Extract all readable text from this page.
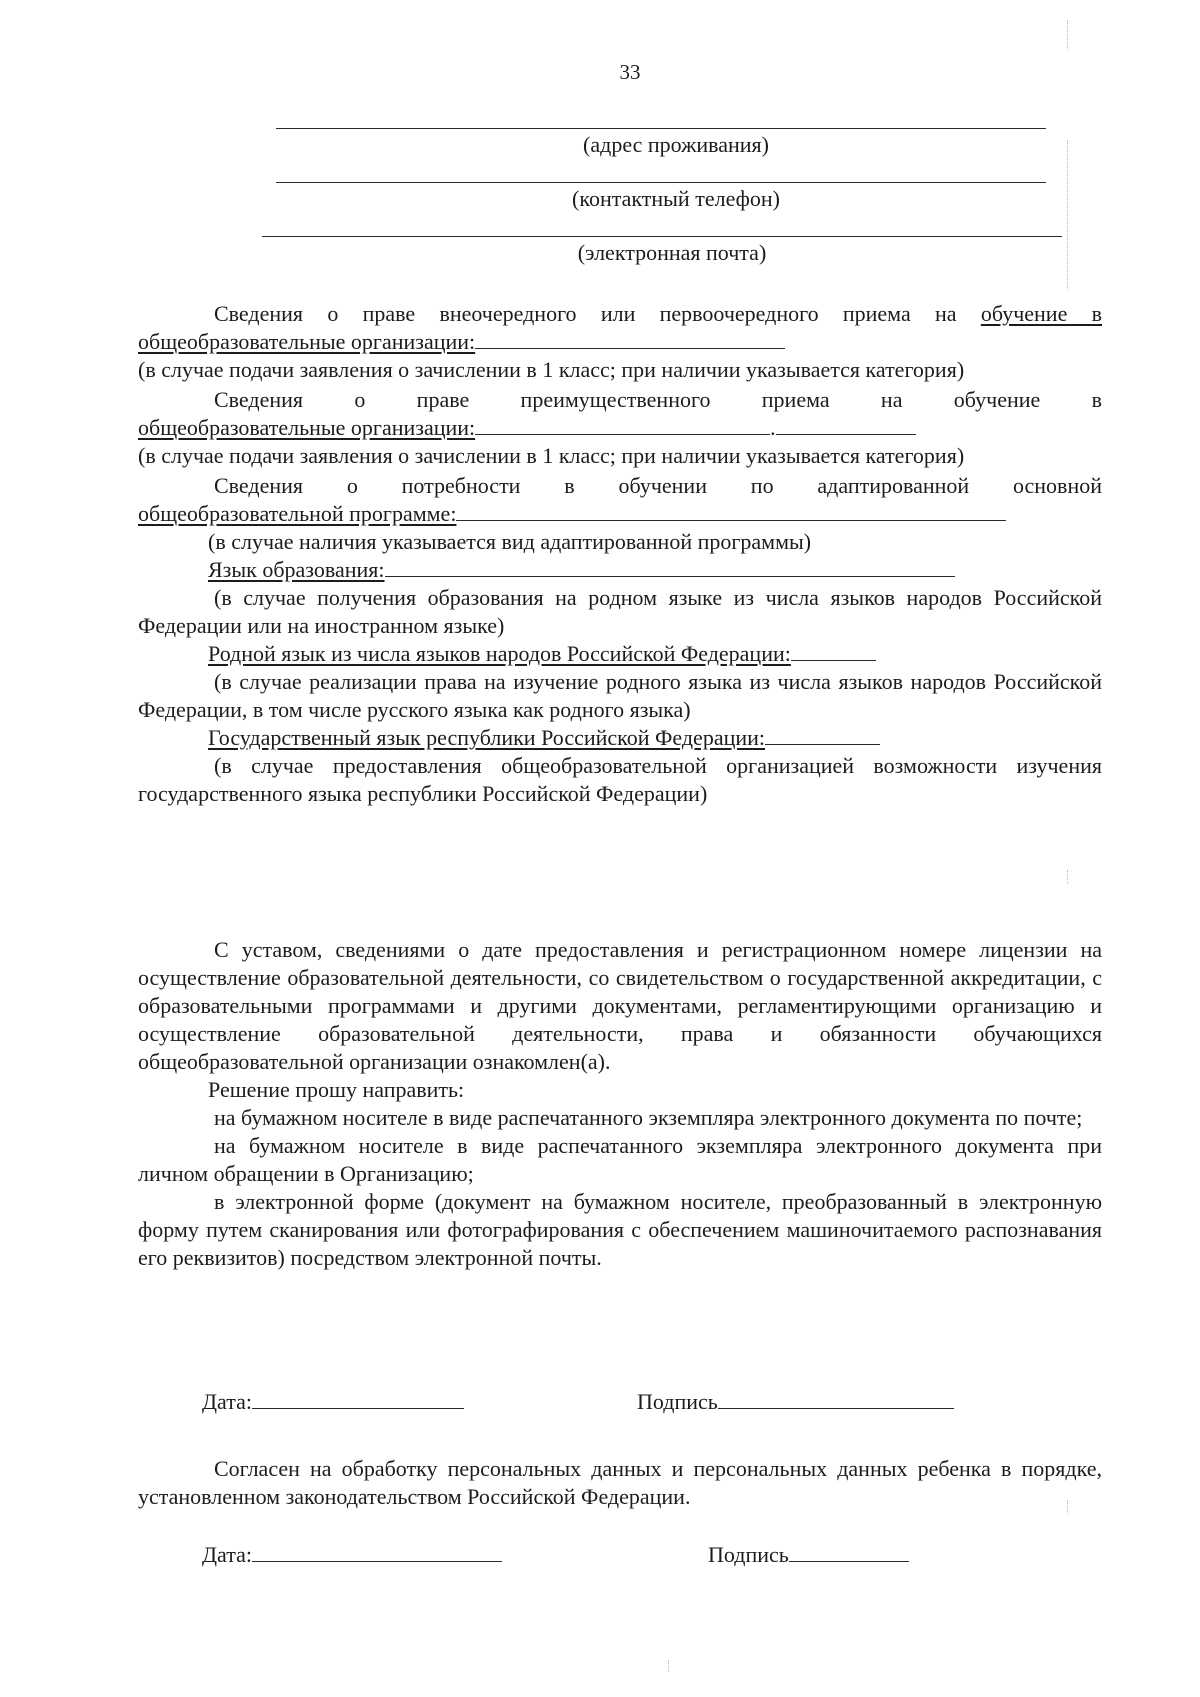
33
(адрес проживания)
(контактный телефон)
(электронная почта)

Сведения о праве внеочередного или первоочередного приема на обучение в

общеобразовательные организации:

(в случае подачи заявления о зачислении в 1 класс; при наличии указывается категория)

Сведения о праве преимущественного приема на обучение в

общеобразовательные организации:	.

(в случае подачи заявления о зачислении в 1 класс; при наличии указывается категория)

Сведения о потребности в обучении по адаптированной основной

общеобразовательной программе:

(в случае наличия указывается вид адаптированной программы)

Язык образования:

(в случае получения образования на родном языке из числа языков народов Российской Федерации или на иностранном языке)

Родной язык из числа языков народов Российской Федерации:

(в случае реализации права на изучение родного языка из числа языков народов Российской Федерации, в том числе русского языка как родного языка)

Государственный язык республики Российской Федерации:

(в случае предоставления общеобразовательной организацией возможности изучения государственного языка республики Российской Федерации)

С уставом, сведениями о дате предоставления и регистрационном номере лицензии на осуществление образовательной деятельности, со свидетельством о государственной аккредитации, с образовательными программами и другими документами, регламентирующими организацию и осуществление образовательной деятельности, права и обязанности обучающихся общеобразовательной организации ознакомлен(а).

Решение прошу направить:

на бумажном носителе в виде распечатанного экземпляра электронного документа по почте;

на бумажном носителе в виде распечатанного экземпляра электронного документа при личном обращении в Организацию;

в электронной форме (документ на бумажном носителе, преобразованный в электронную форму путем сканирования или фотографирования с обеспечением машиночитаемого распознавания его реквизитов) посредством электронной почты.

Дата:	Подпись

Согласен на обработку персональных данных и персональных данных ребенка в порядке, установленном законодательством Российской Федерации.

Дата:	Подпись
